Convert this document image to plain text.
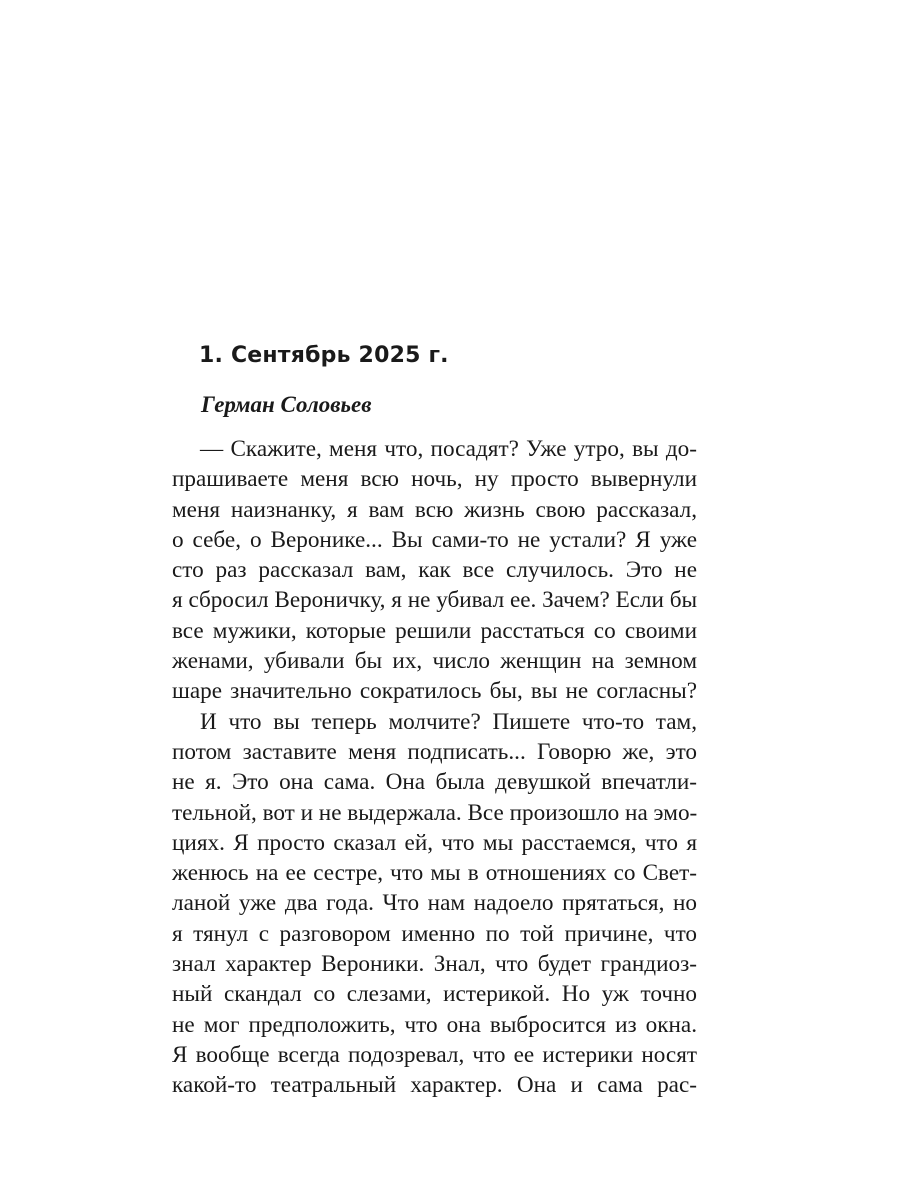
1. Сентябрь 2025 г.

Герман Соловьев

— Скажите, меня что, посадят? Уже утро, вы до-
прашиваете меня всю ночь, ну просто вывернули
меня наизнанку, я вам всю жизнь свою рассказал,
о себе, о Веронике... Вы сами-то не устали? Я уже
сто раз рассказал вам, как все случилось. Это не
я сбросил Вероничку, я не убивал ее. Зачем? Если бы
все мужики, которые решили расстаться со своими
женами, убивали бы их, число женщин на земном
шаре значительно сократилось бы, вы не согласны?
И что вы теперь молчите? Пишете что-то там,
потом заставите меня подписать... Говорю же, это
не я. Это она сама. Она была девушкой впечатли-
тельной, вот и не выдержала. Все произошло на эмо-
циях. Я просто сказал ей, что мы расстаемся, что я
женюсь на ее сестре, что мы в отношениях со Свет-
ланой уже два года. Что нам надоело прятаться, но
я тянул с разговором именно по той причине, что
знал характер Вероники. Знал, что будет грандиоз-
ный скандал со слезами, истерикой. Но уж точно
не мог предположить, что она выбросится из окна.
Я вообще всегда подозревал, что ее истерики носят
какой-то театральный характер. Она и сама рас-
